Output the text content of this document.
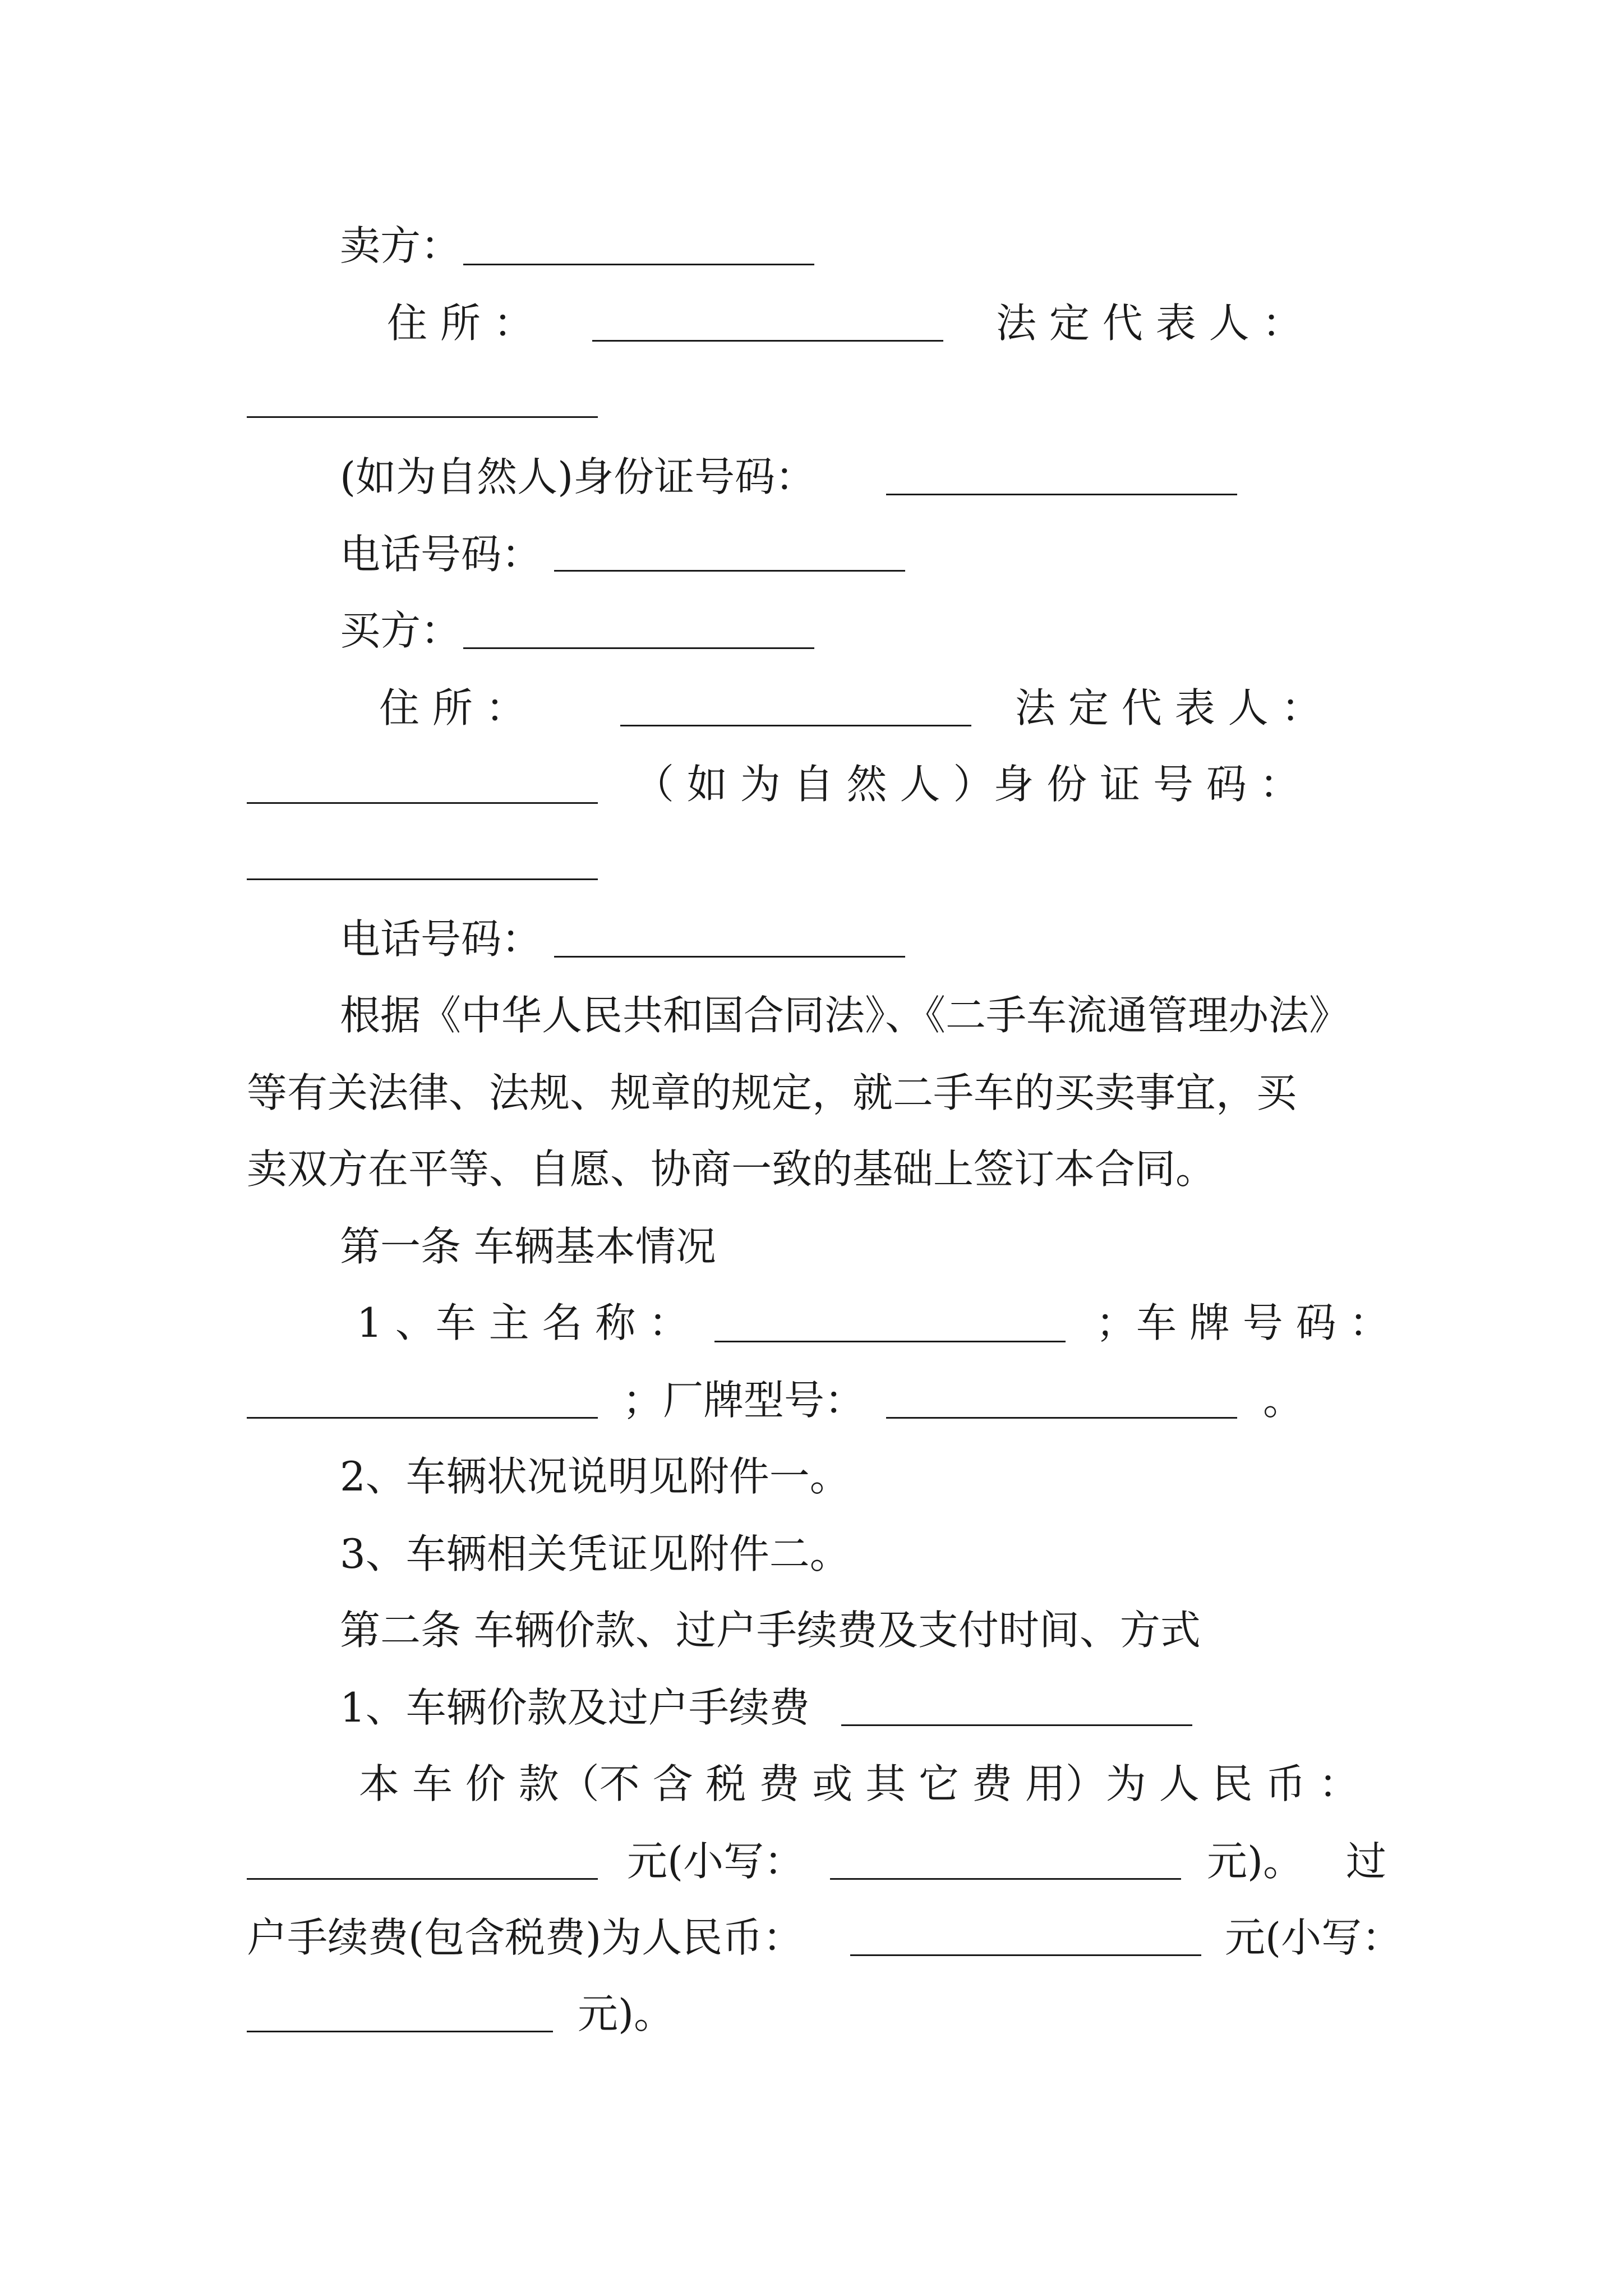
卖方：
住 所 ：	法 定 代 表 人 ：
(如为自然人)身份证号码：
电话号码：
买方：
住 所 ：	法 定 代 表 人 ：
（ 如 为 自 然 人 ）身 份 证 号 码 ：
电话号码：
根据《中华人民共和国合同法》、《二手车流通管理办法》
等有关法律、法规、规章的规定，就二手车的买卖事宜，买
卖双方在平等、自愿、协商一致的基础上签订本合同。
第一条 车辆基本情况
1 、车 主 名 称 ：	；车 牌 号 码 ：
；厂牌型号：	。
2、车辆状况说明见附件一。
3、车辆相关凭证见附件二。
第二条 车辆价款、过户手续费及支付时间、方式
1、车辆价款及过户手续费
本 车 价 款（不 含 税 费 或 其 它 费 用）为 人 民 币 ：
元(小写：	元)。 过
户手续费(包含税费)为人民币：	元(小写：
元)。
